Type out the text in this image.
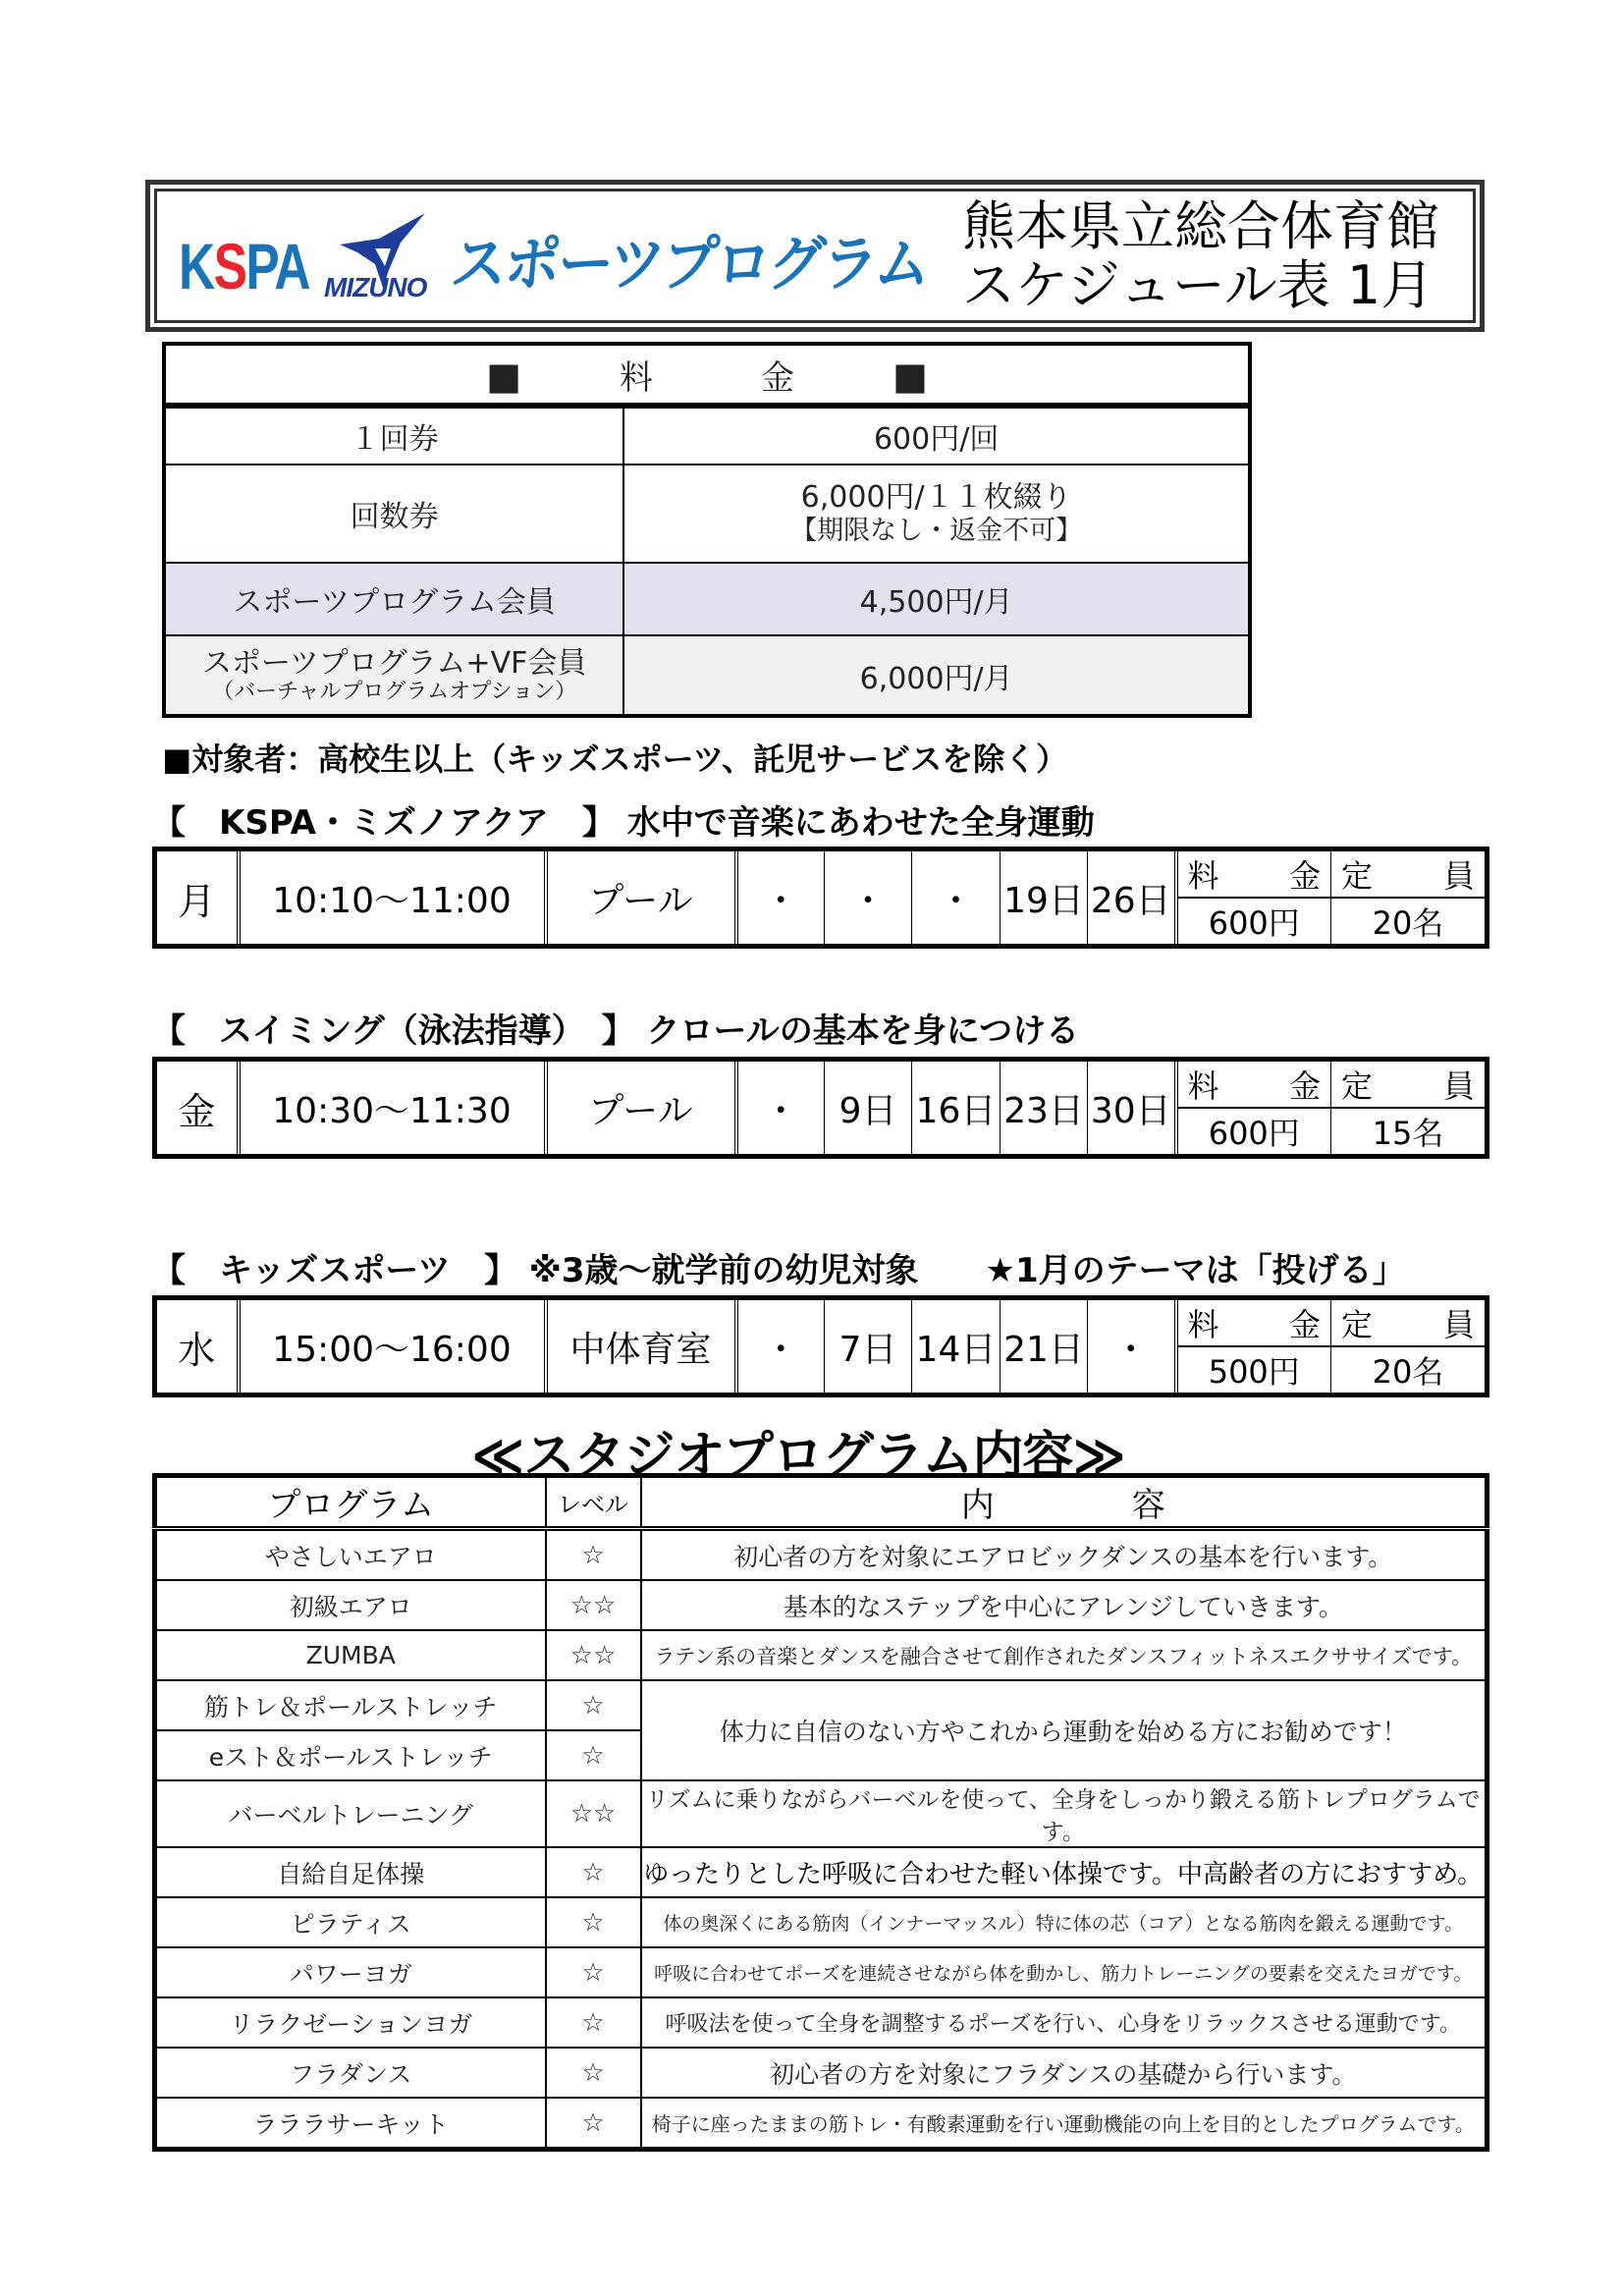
KSPA MIZUNO スポーツプログラム
熊本県立総合体育館
スケジュール表 1月
■ 料 金 ■	
１回券	600円/回
回数券	6,000円/１１枚綴り
【期限なし・返金不可】

スポーツプログラム会員	4,500円/月

スポーツプログラム+VF会員
（バーチャルプログラムオプション）	6,000円/月
■対象者：高校生以上（キッズスポーツ、託児サービスを除く）
【　KSPA・ミズノアクア　】 水中で音楽にあわせた全身運動
月	10:10～11:00	プール	・	・	・	19日	26日	料 金	定 員

								600円	20名
【　スイミング（泳法指導）　】 クロールの基本を身につける
金	10:30～11:30	プール	・	9日	16日	23日	30日	料 金	定 員

								600円	15名
【　キッズスポーツ　】 ※3歳～就学前の幼児対象　　★1月のテーマは「投げる」
水	15:00～16:00	中体育室	・	7日	14日	21日	・	料 金	定 員

								500円	20名
≪スタジオプログラム内容≫
プログラム	レベル	内 容
やさしいエアロ	☆	初心者の方を対象にエアロビックダンスの基本を行います。
初級エアロ	☆☆	基本的なステップを中心にアレンジしていきます。
ZUMBA	☆☆	ラテン系の音楽とダンスを融合させて創作されたダンスフィットネスエクササイズです。
筋トレ＆ポールストレッチ	☆	体力に自信のない方やこれから運動を始める方にお勧めです！
eスト＆ポールストレッチ	☆	
バーベルトレーニング	☆☆	リズムに乗りながらバーベルを使って、全身をしっかり鍛える筋トレプログラムです。
自給自足体操	☆	ゆったりとした呼吸に合わせた軽い体操です。中高齢者の方におすすめ。
ピラティス	☆	体の奥深くにある筋肉（インナーマッスル）特に体の芯（コア）となる筋肉を鍛える運動です。
パワーヨガ	☆	呼吸に合わせてポーズを連続させながら体を動かし、筋力トレーニングの要素を交えたヨガです。
リラクゼーションヨガ	☆	呼吸法を使って全身を調整するポーズを行い、心身をリラックスさせる運動です。
フラダンス	☆	初心者の方を対象にフラダンスの基礎から行います。
ラララサーキット	☆	椅子に座ったままの筋トレ・有酸素運動を行い運動機能の向上を目的としたプログラムです。
